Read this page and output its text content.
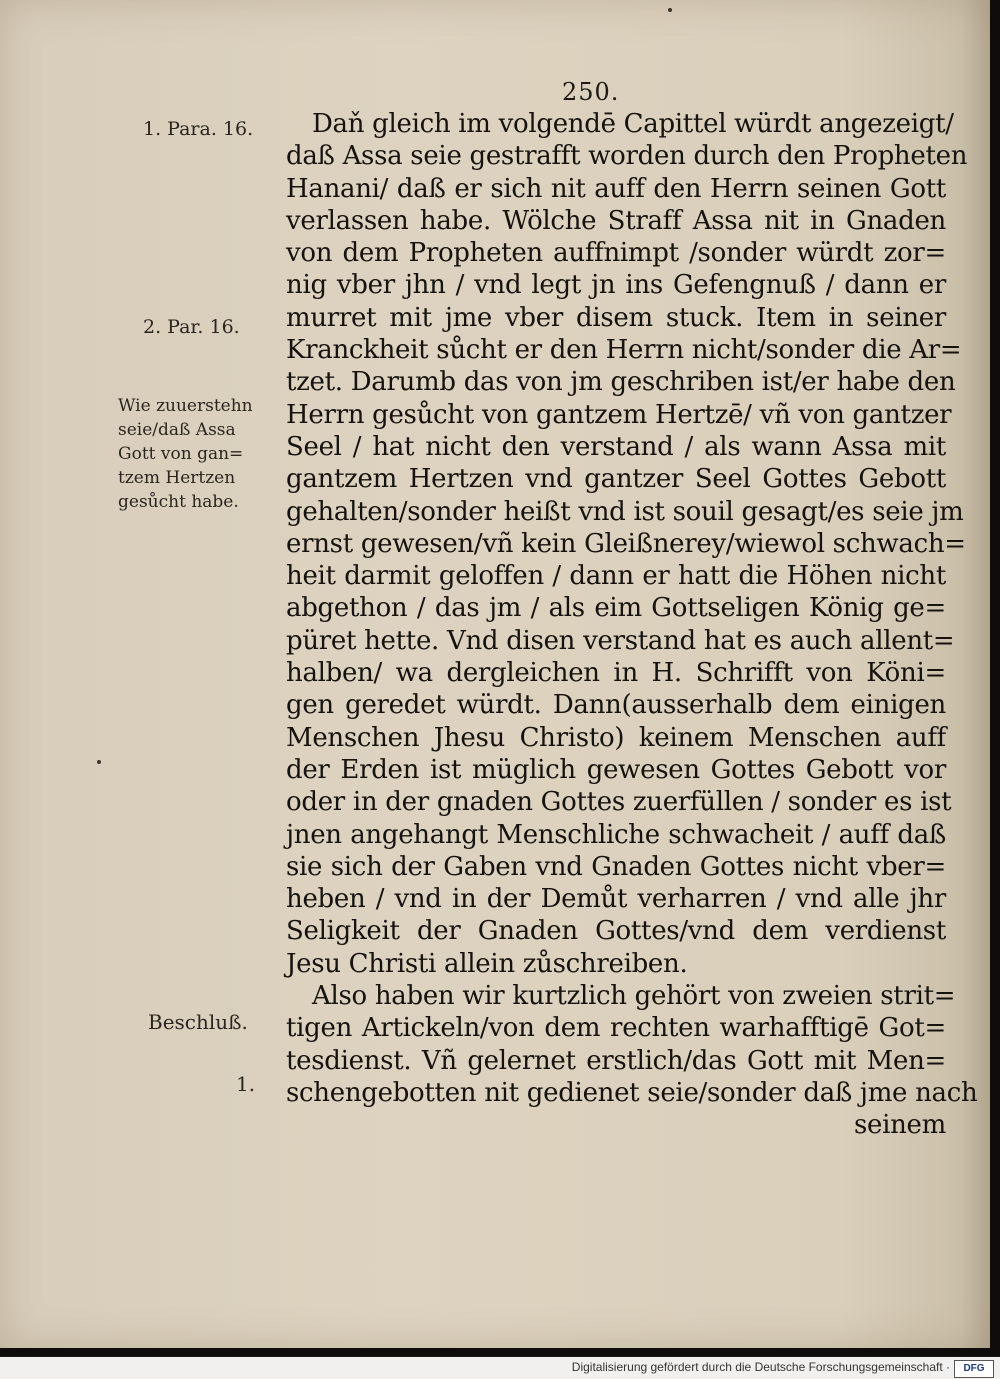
250.
1. Para. 16.
2. Par. 16.
Wie zuuerstehn
seie/daß Assa
Gott von gan=
tzem Hertzen
gesůcht habe.
Beschluß.
1.
Daň gleich im volgendē Capittel würdt angezeigt/
daß Assa seie gestrafft worden durch den Propheten
Hanani/ daß er sich nit auff den Herrn seinen Gott
verlassen habe. Wölche Straff Assa nit in Gnaden
von dem Propheten auffnimpt /sonder würdt zor=
nig vber jhn / vnd legt jn ins Gefengnuß / dann er
murret mit jme vber disem stuck. Item in seiner
Kranckheit sůcht er den Herrn nicht/sonder die Ar=
tzet. Darumb das von jm geschriben ist/er habe den
Herrn gesůcht von gantzem Hertzē/ vñ von gantzer
Seel / hat nicht den verstand / als wann Assa mit
gantzem Hertzen vnd gantzer Seel Gottes Gebott
gehalten/sonder heißt vnd ist souil gesagt/es seie jm
ernst gewesen/vñ kein Gleißnerey/wiewol schwach=
heit darmit geloffen / dann er hatt die Höhen nicht
abgethon / das jm / als eim Gottseligen König ge=
püret hette. Vnd disen verstand hat es auch allent=
halben/ wa dergleichen in H. Schrifft von Köni=
gen geredet würdt. Dann(ausserhalb dem einigen
Menschen Jhesu Christo) keinem Menschen auff
der Erden ist müglich gewesen Gottes Gebott vor
oder in der gnaden Gottes zuerfüllen / sonder es ist
jnen angehangt Menschliche schwacheit / auff daß
sie sich der Gaben vnd Gnaden Gottes nicht vber=
heben / vnd in der Demůt verharren / vnd alle jhr
Seligkeit der Gnaden Gottes/vnd dem verdienst
Jesu Christi allein zůschreiben.
Also haben wir kurtzlich gehört von zweien strit=
tigen Artickeln/von dem rechten warhafftigē Got=
tesdienst. Vñ gelernet erstlich/das Gott mit Men=
schengebotten nit gedienet seie/sonder daß jme nach
seinem
Digitalisierung gefördert durch die Deutsche Forschungsgemeinschaft ·	DFG
